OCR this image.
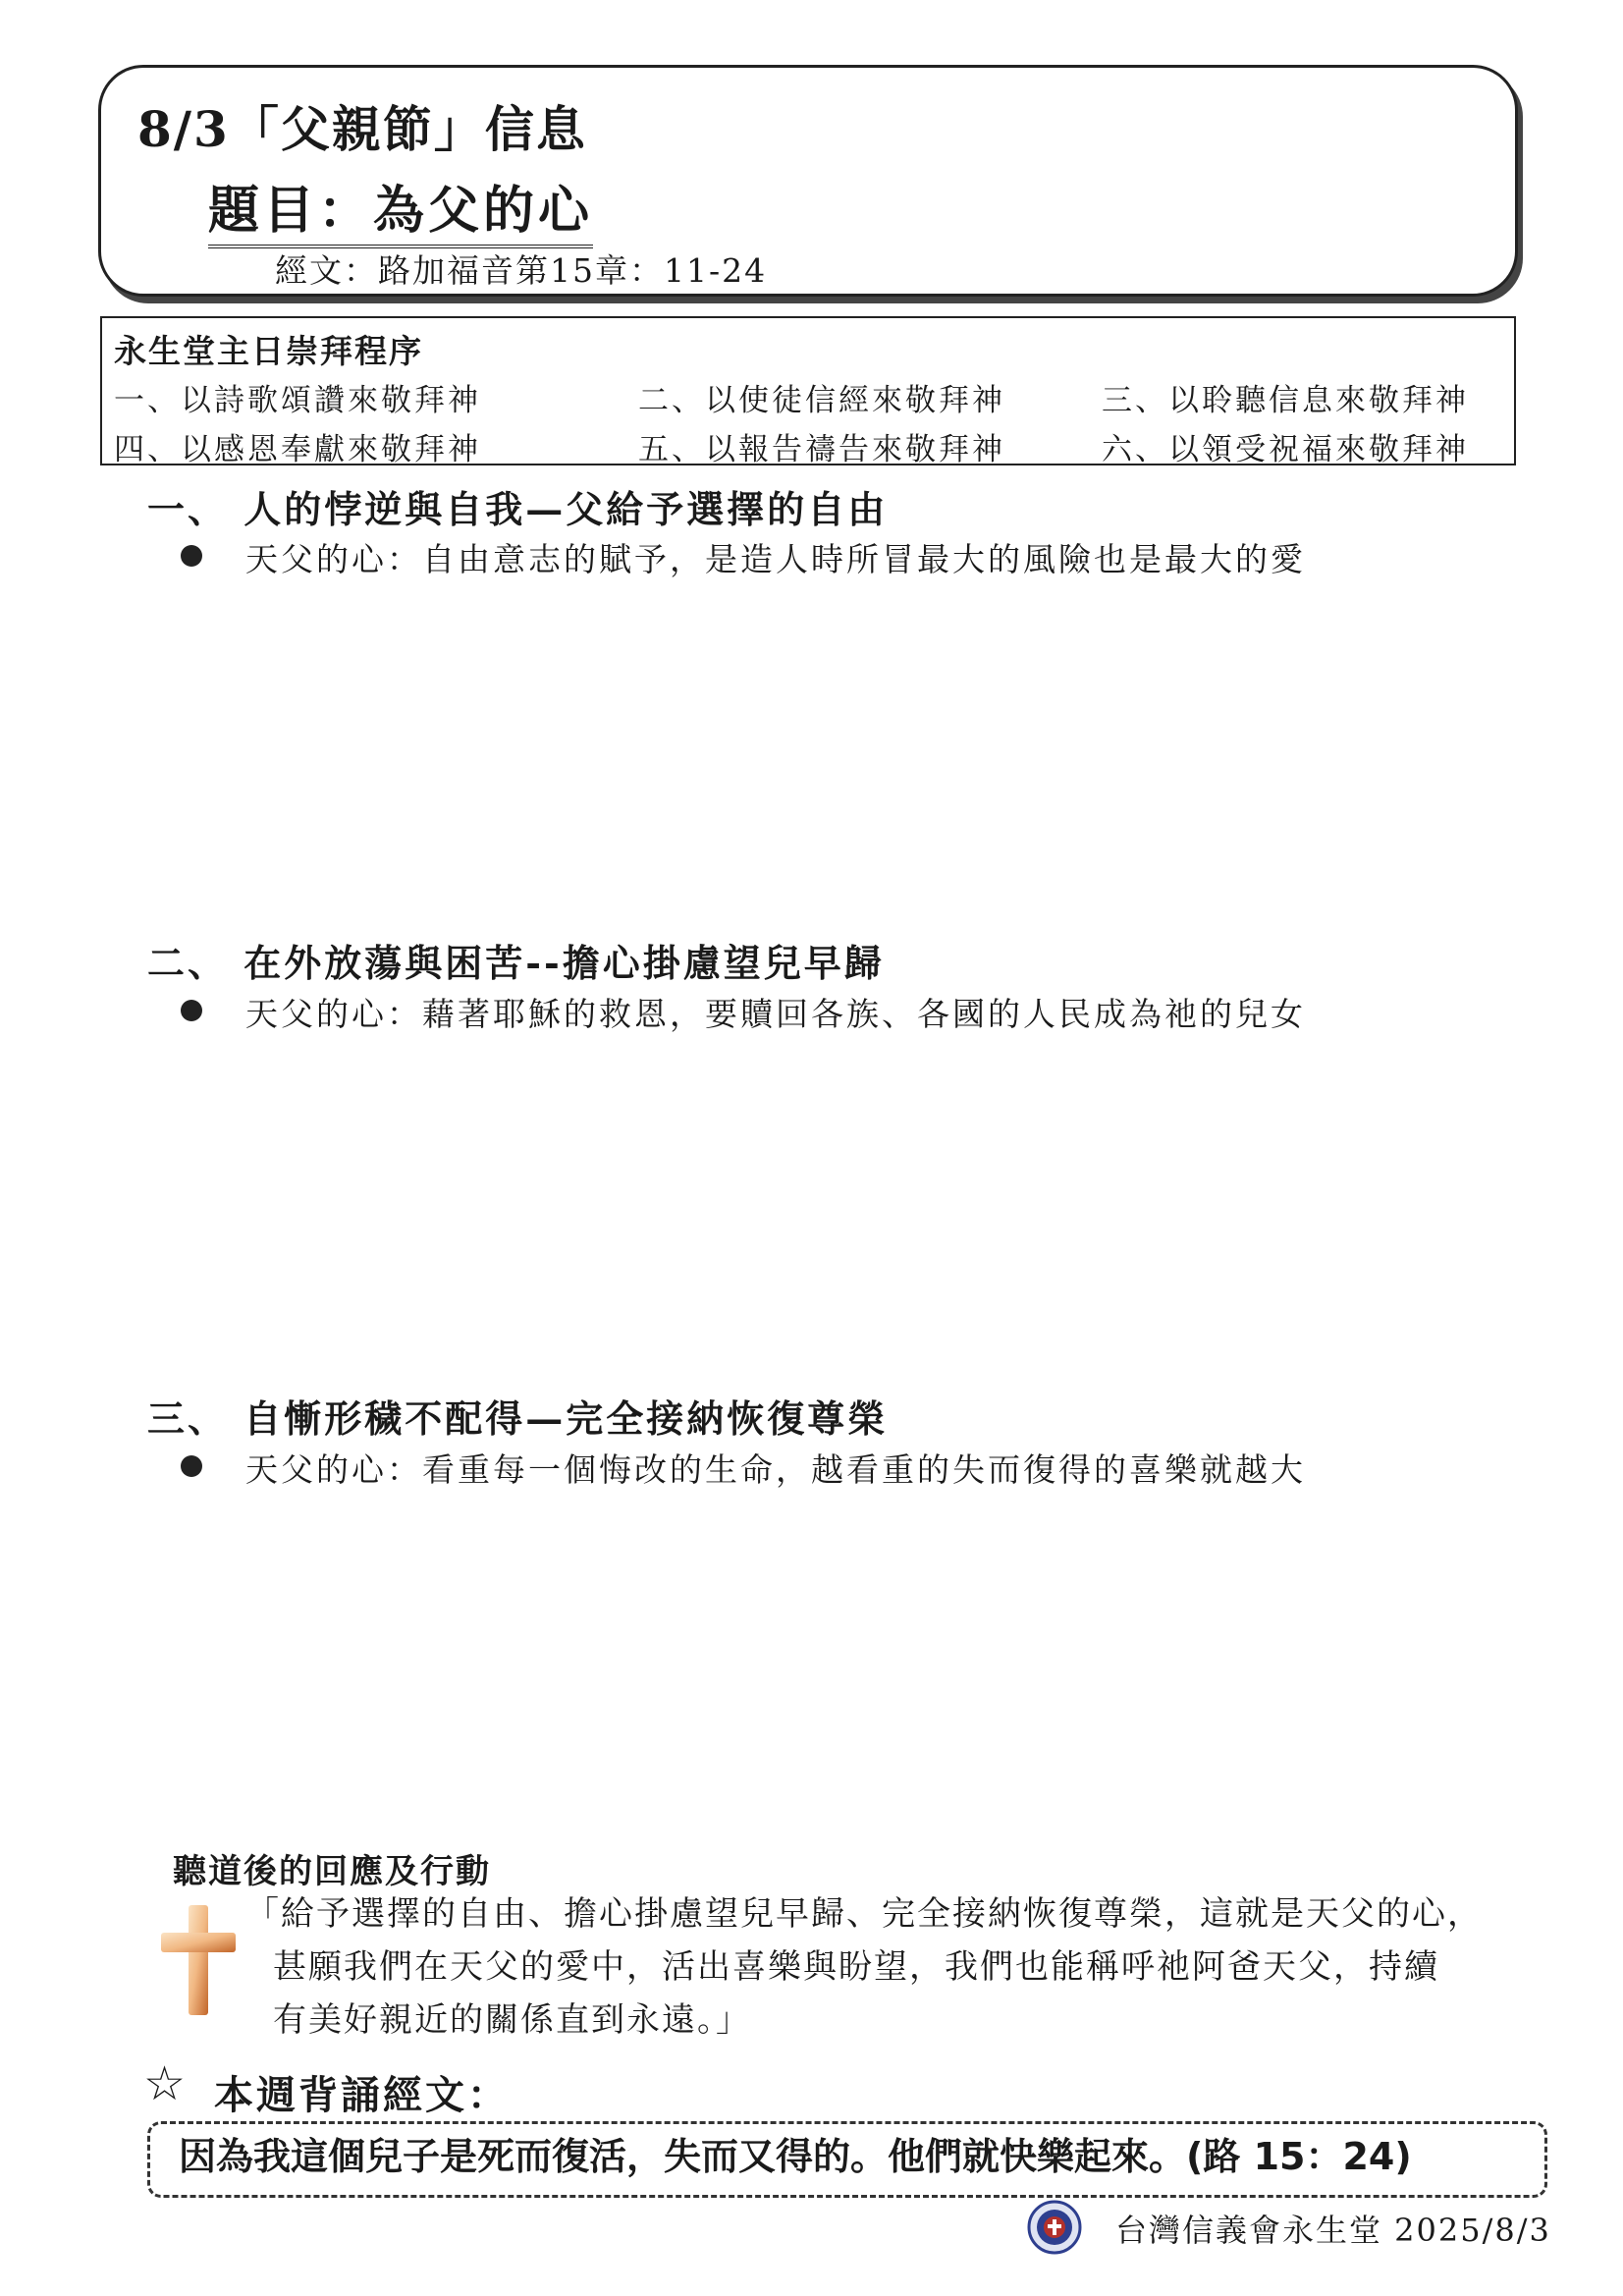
8/3「父親節」信息
題目：為父的心
經文：路加福音第15章：11-24
永生堂主日崇拜程序
一、以詩歌頌讚來敬拜神	二、以使徒信經來敬拜神	三、以聆聽信息來敬拜神
四、以感恩奉獻來敬拜神	五、以報告禱告來敬拜神	六、以領受祝福來敬拜神
一、 人的悖逆與自我—父給予選擇的自由
天父的心：自由意志的賦予，是造人時所冒最大的風險也是最大的愛
二、 在外放蕩與困苦--擔心掛慮望兒早歸
天父的心：藉著耶穌的救恩，要贖回各族、各國的人民成為祂的兒女
三、 自慚形穢不配得—完全接納恢復尊榮
天父的心：看重每一個悔改的生命，越看重的失而復得的喜樂就越大
聽道後的回應及行動
「給予選擇的自由、擔心掛慮望兒早歸、完全接納恢復尊榮，這就是天父的心，
甚願我們在天父的愛中，活出喜樂與盼望，我們也能稱呼祂阿爸天父，持續
有美好親近的關係直到永遠。」
☆ 本週背誦經文：
因為我這個兒子是死而復活，失而又得的。他們就快樂起來。(路 15：24)
台灣信義會永生堂 2025/8/3
